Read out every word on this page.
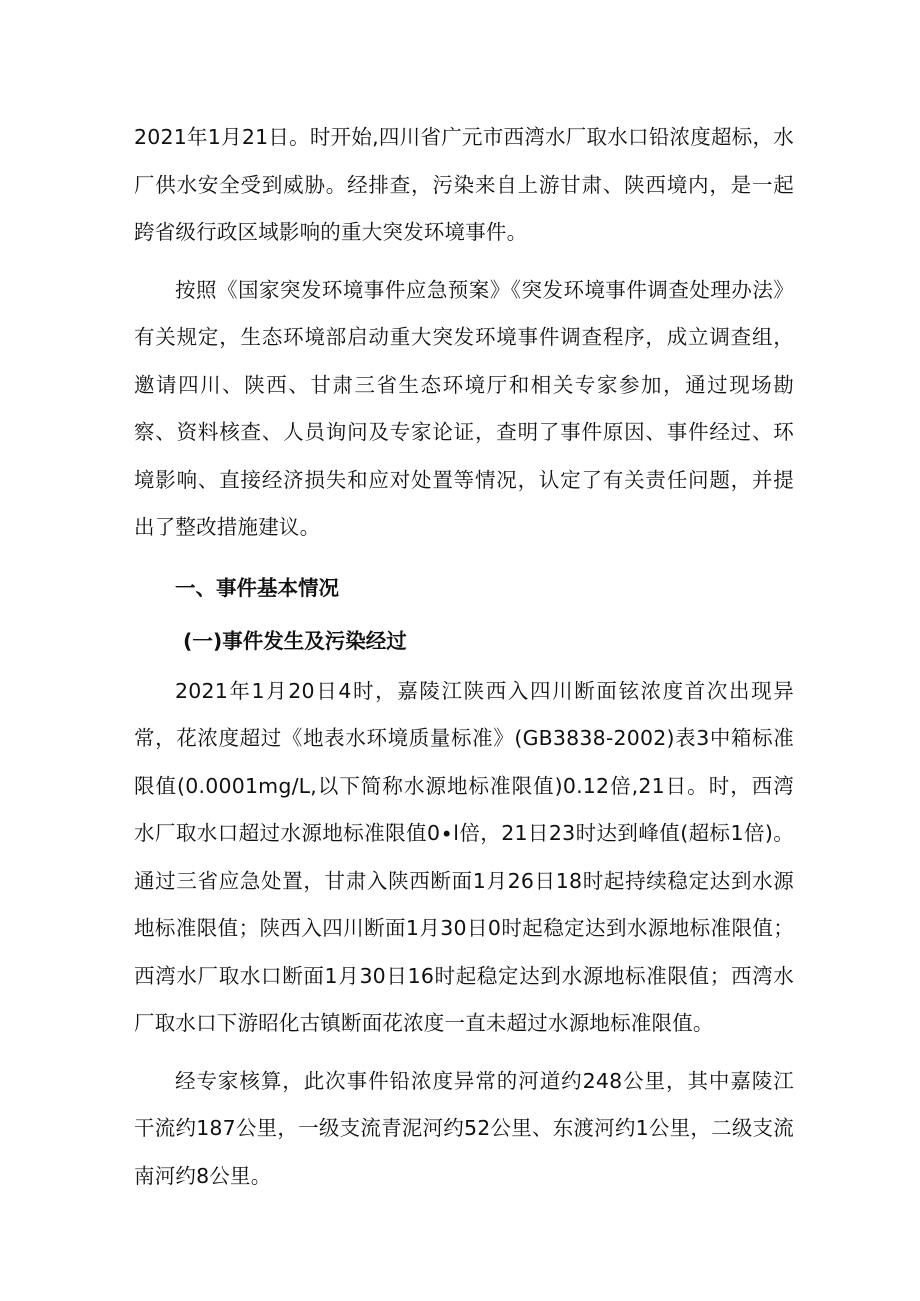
2021年1月21日。时开始,四川省广元市西湾水厂取水口铅浓度超标，水厂供水安全受到威胁。经排查，污染来自上游甘肃、陕西境内，是一起跨省级行政区域影响的重大突发环境事件。

按照《国家突发环境事件应急预案》《突发环境事件调查处理办法》有关规定，生态环境部启动重大突发环境事件调查程序，成立调查组，邀请四川、陕西、甘肃三省生态环境厅和相关专家参加，通过现场勘察、资料核查、人员询问及专家论证，查明了事件原因、事件经过、环境影响、直接经济损失和应对处置等情况，认定了有关责任问题，并提出了整改措施建议。

一、事件基本情况

(一)事件发生及污染经过

2021年1月20日4时，嘉陵江陕西入四川断面铉浓度首次出现异常，花浓度超过《地表水环境质量标准》(GB3838-2002)表3中箱标准限值(0.0001mg∕L,以下简称水源地标准限值)0.12倍,21日。时，西湾水厂取水口超过水源地标准限值0∙l倍，21日23时达到峰值(超标1倍)。通过三省应急处置，甘肃入陕西断面1月26日18时起持续稳定达到水源地标准限值；陕西入四川断面1月30日0时起稳定达到水源地标准限值；西湾水厂取水口断面1月30日16时起稳定达到水源地标准限值；西湾水厂取水口下游昭化古镇断面花浓度一直未超过水源地标准限值。

经专家核算，此次事件铅浓度异常的河道约248公里，其中嘉陵江干流约187公里，一级支流青泥河约52公里、东渡河约1公里，二级支流南河约8公里。
